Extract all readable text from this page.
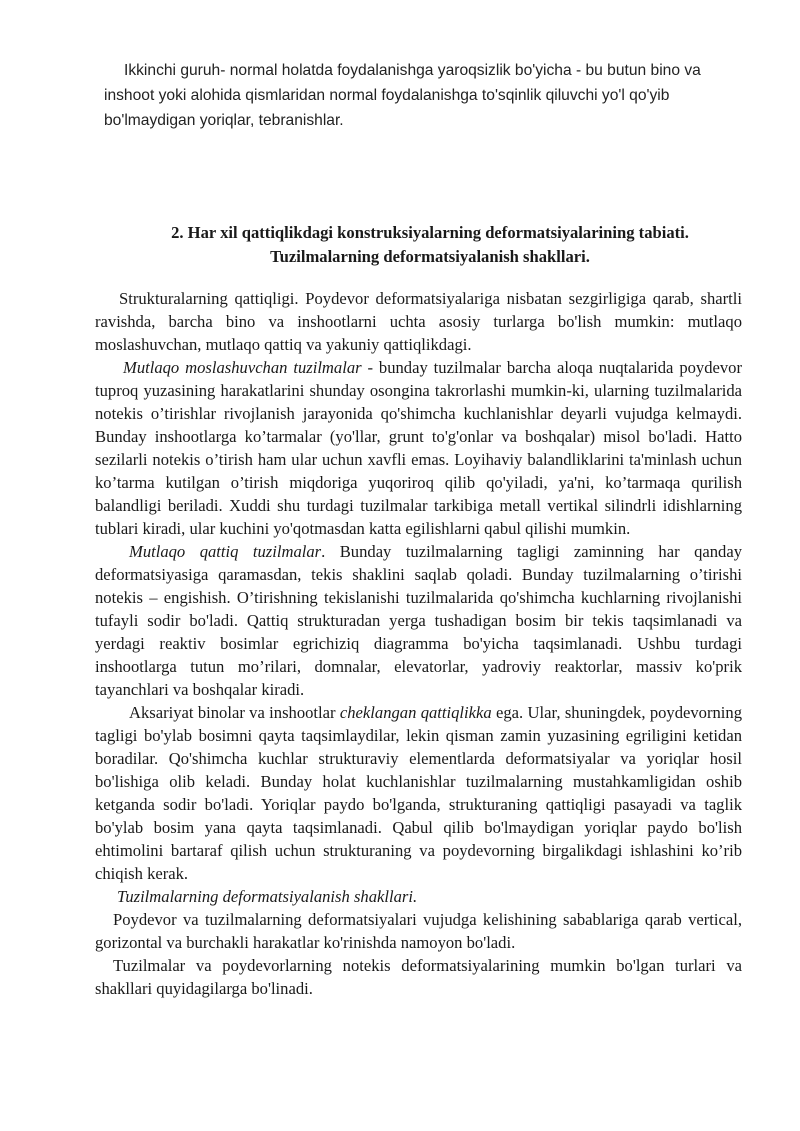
Ikkinchi guruh- normal holatda foydalanishga yaroqsizlik bo'yicha - bu butun bino va inshoot yoki alohida qismlaridan normal foydalanishga to'sqinlik qiluvchi yo'l qo'yib bo'lmaydigan yoriqlar, tebranishlar.

2. Har xil qattiqlikdagi konstruksiyalarning deformatsiyalarining tabiati.
Tuzilmalarning deformatsiyalanish shakllari.

Strukturalarning qattiqligi. Poydevor deformatsiyalariga nisbatan sezgirligiga qarab, shartli ravishda, barcha bino va inshootlarni uchta asosiy turlarga bo'lish mumkin: mutlaqo moslashuvchan, mutlaqo qattiq va yakuniy qattiqlikdagi.

Mutlaqo moslashuvchan tuzilmalar - bunday tuzilmalar barcha aloqa nuqtalarida poydevor tuproq yuzasining harakatlarini shunday osongina takrorlashi mumkin-ki, ularning tuzilmalarida notekis o’tirishlar rivojlanish jarayonida qo'shimcha kuchlanishlar deyarli vujudga kelmaydi. Bunday inshootlarga ko’tarmalar (yo'llar, grunt to'g'onlar va boshqalar) misol bo'ladi. Hatto sezilarli notekis o’tirish ham ular uchun xavfli emas. Loyihaviy balandliklarini ta'minlash uchun ko’tarma kutilgan o’tirish miqdoriga yuqoriroq qilib qo'yiladi, ya'ni, ko’tarmaqa qurilish balandligi beriladi. Xuddi shu turdagi tuzilmalar tarkibiga metall vertikal silindrli idishlarning tublari kiradi, ular kuchini yo'qotmasdan katta egilishlarni qabul qilishi mumkin.

Mutlaqo qattiq tuzilmalar. Bunday tuzilmalarning tagligi zaminning har qanday deformatsiyasiga qaramasdan, tekis shaklini saqlab qoladi. Bunday tuzilmalarning o’tirishi notekis – engishish. O’tirishning tekislanishi tuzilmalarida qo'shimcha kuchlarning rivojlanishi tufayli sodir bo'ladi. Qattiq strukturadan yerga tushadigan bosim bir tekis taqsimlanadi va yerdagi reaktiv bosimlar egrichiziq diagramma bo'yicha taqsimlanadi. Ushbu turdagi inshootlarga tutun mo’rilari, domnalar, elevatorlar, yadroviy reaktorlar, massiv ko'prik tayanchlari va boshqalar kiradi.

Aksariyat binolar va inshootlar cheklangan qattiqlikka ega. Ular, shuningdek, poydevorning tagligi bo'ylab bosimni qayta taqsimlaydilar, lekin qisman zamin yuzasining egriligini ketidan boradilar. Qo'shimcha kuchlar strukturaviy elementlarda deformatsiyalar va yoriqlar hosil bo'lishiga olib keladi. Bunday holat kuchlanishlar tuzilmalarning mustahkamligidan oshib ketganda sodir bo'ladi. Yoriqlar paydo bo'lganda, strukturaning qattiqligi pasayadi va taglik bo'ylab bosim yana qayta taqsimlanadi. Qabul qilib bo'lmaydigan yoriqlar paydo bo'lish ehtimolini bartaraf qilish uchun strukturaning va poydevorning birgalikdagi ishlashini ko’rib chiqish kerak.

Tuzilmalarning deformatsiyalanish shakllari.

Poydevor va tuzilmalarning deformatsiyalari vujudga kelishining sabablariga qarab vertical, gorizontal va burchakli harakatlar ko'rinishda namoyon bo'ladi.

Tuzilmalar va poydevorlarning notekis deformatsiyalarining mumkin bo'lgan turlari va shakllari quyidagilarga bo'linadi.
